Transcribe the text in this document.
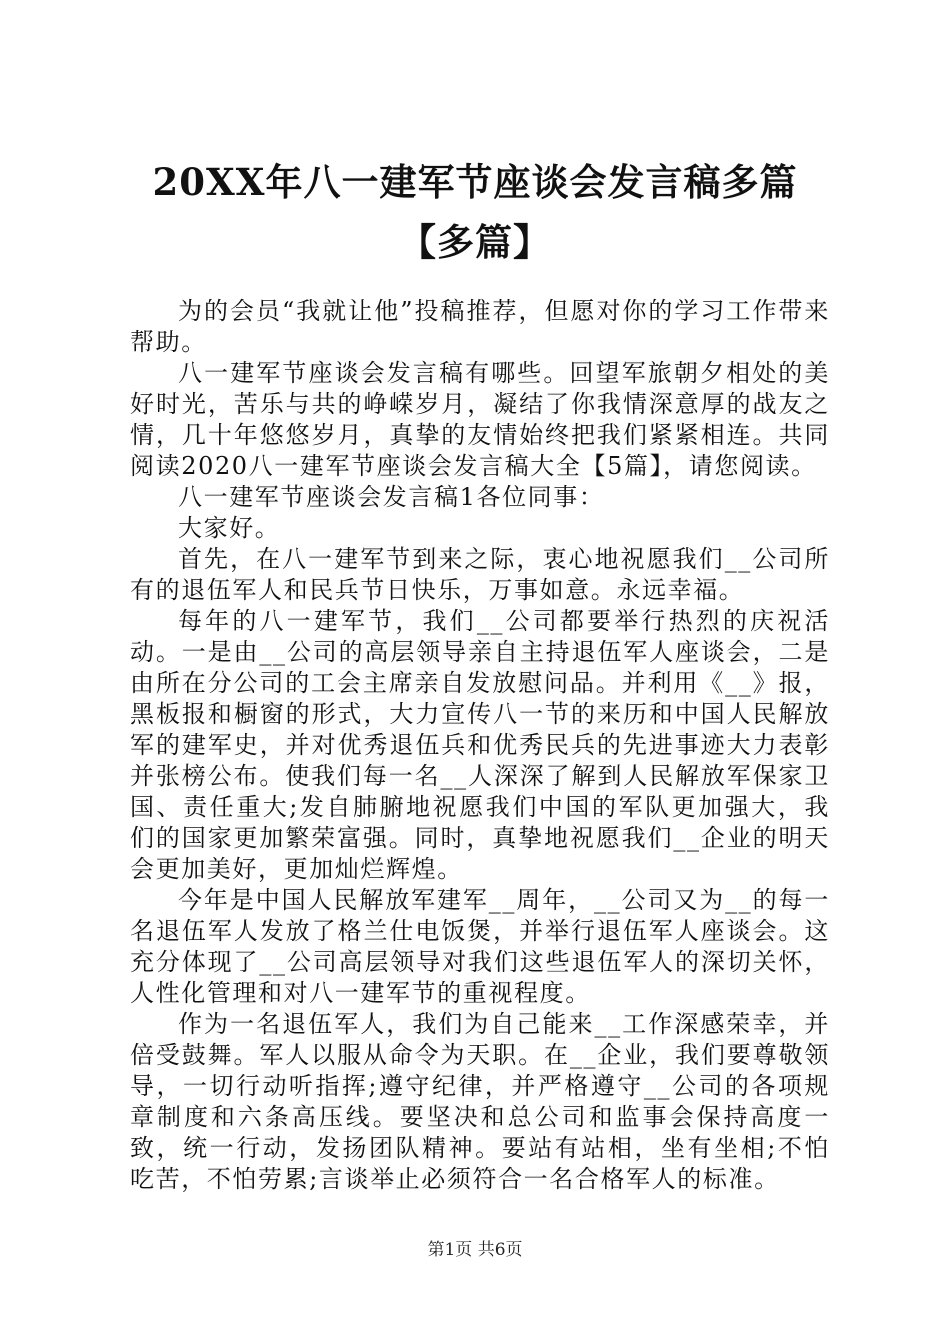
20XX年八一建军节座谈会发言稿多篇【多篇】

为的会员“我就让他”投稿推荐，但愿对你的学习工作带来帮助。

八一建军节座谈会发言稿有哪些。回望军旅朝夕相处的美好时光，苦乐与共的峥嵘岁月，凝结了你我情深意厚的战友之情，几十年悠悠岁月，真挚的友情始终把我们紧紧相连。共同阅读2020八一建军节座谈会发言稿大全【5篇】，请您阅读。

八一建军节座谈会发言稿1各位同事：

大家好。

首先，在八一建军节到来之际，衷心地祝愿我们__公司所有的退伍军人和民兵节日快乐，万事如意。永远幸福。

每年的八一建军节，我们__公司都要举行热烈的庆祝活动。一是由__公司的高层领导亲自主持退伍军人座谈会，二是由所在分公司的工会主席亲自发放慰问品。并利用《__》报，黑板报和橱窗的形式，大力宣传八一节的来历和中国人民解放军的建军史，并对优秀退伍兵和优秀民兵的先进事迹大力表彰并张榜公布。使我们每一名__人深深了解到人民解放军保家卫国、责任重大;发自肺腑地祝愿我们中国的军队更加强大，我们的国家更加繁荣富强。同时，真挚地祝愿我们__企业的明天会更加美好，更加灿烂辉煌。

今年是中国人民解放军建军__周年，__公司又为__的每一名退伍军人发放了格兰仕电饭煲，并举行退伍军人座谈会。这充分体现了__公司高层领导对我们这些退伍军人的深切关怀，人性化管理和对八一建军节的重视程度。

作为一名退伍军人，我们为自己能来__工作深感荣幸，并倍受鼓舞。军人以服从命令为天职。在__企业，我们要尊敬领导，一切行动听指挥;遵守纪律，并严格遵守__公司的各项规章制度和六条高压线。要坚决和总公司和监事会保持高度一致，统一行动，发扬团队精神。要站有站相，坐有坐相;不怕吃苦，不怕劳累;言谈举止必须符合一名合格军人的标准。

第1页 共6页
